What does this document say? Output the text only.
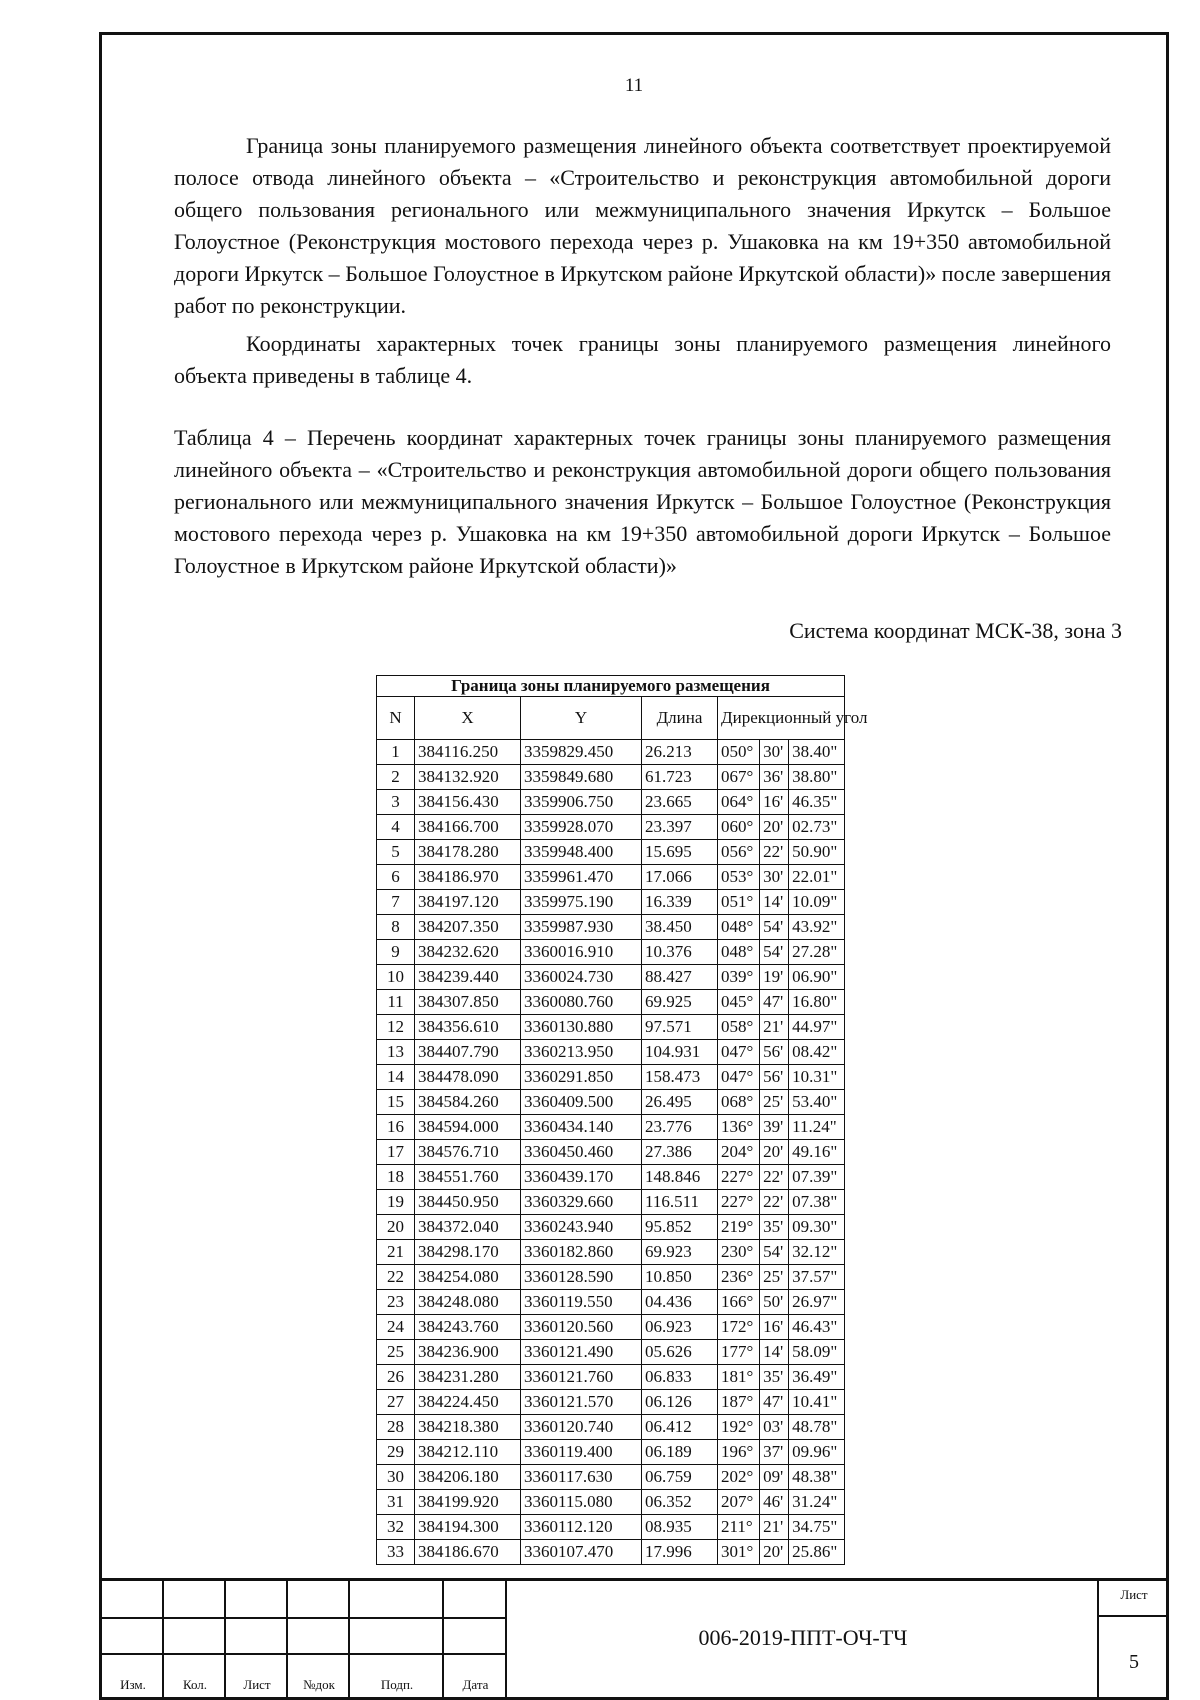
11

Граница зоны планируемого размещения линейного объекта соответствует проектируемой полосе отвода линейного объекта – «Строительство и реконструкция автомобильной дороги общего пользования регионального или межмуниципального значения Иркутск – Большое Голоустное (Реконструкция мостового перехода через р. Ушаковка на км 19+350 автомобильной дороги Иркутск – Большое Голоустное в Иркутском районе Иркутской области)» после завершения работ по реконструкции.

Координаты характерных точек границы зоны планируемого размещения линейного объекта приведены в таблице 4.

Таблица 4 – Перечень координат характерных точек границы зоны планируемого размещения линейного объекта – «Строительство и реконструкция автомобильной дороги общего пользования регионального или межмуниципального значения Иркутск – Большое Голоустное (Реконструкция мостового перехода через р. Ушаковка на км 19+350 автомобильной дороги Иркутск – Большое Голоустное в Иркутском районе Иркутской области)»

Система координат МСК-38, зона 3
Граница зоны планируемого размещения						
N	X	Y	Длина	Дирекционный угол		
1	384116.250	3359829.450	26.213	050°	30'	38.40"
2	384132.920	3359849.680	61.723	067°	36'	38.80"
3	384156.430	3359906.750	23.665	064°	16'	46.35"
4	384166.700	3359928.070	23.397	060°	20'	02.73"
5	384178.280	3359948.400	15.695	056°	22'	50.90"
6	384186.970	3359961.470	17.066	053°	30'	22.01"
7	384197.120	3359975.190	16.339	051°	14'	10.09"
8	384207.350	3359987.930	38.450	048°	54'	43.92"
9	384232.620	3360016.910	10.376	048°	54'	27.28"
10	384239.440	3360024.730	88.427	039°	19'	06.90"
11	384307.850	3360080.760	69.925	045°	47'	16.80"
12	384356.610	3360130.880	97.571	058°	21'	44.97"
13	384407.790	3360213.950	104.931	047°	56'	08.42"
14	384478.090	3360291.850	158.473	047°	56'	10.31"
15	384584.260	3360409.500	26.495	068°	25'	53.40"
16	384594.000	3360434.140	23.776	136°	39'	11.24"
17	384576.710	3360450.460	27.386	204°	20'	49.16"
18	384551.760	3360439.170	148.846	227°	22'	07.39"
19	384450.950	3360329.660	116.511	227°	22'	07.38"
20	384372.040	3360243.940	95.852	219°	35'	09.30"
21	384298.170	3360182.860	69.923	230°	54'	32.12"
22	384254.080	3360128.590	10.850	236°	25'	37.57"
23	384248.080	3360119.550	04.436	166°	50'	26.97"
24	384243.760	3360120.560	06.923	172°	16'	46.43"
25	384236.900	3360121.490	05.626	177°	14'	58.09"
26	384231.280	3360121.760	06.833	181°	35'	36.49"
27	384224.450	3360121.570	06.126	187°	47'	10.41"
28	384218.380	3360120.740	06.412	192°	03'	48.78"
29	384212.110	3360119.400	06.189	196°	37'	09.96"
30	384206.180	3360117.630	06.759	202°	09'	48.38"
31	384199.920	3360115.080	06.352	207°	46'	31.24"
32	384194.300	3360112.120	08.935	211°	21'	34.75"
33	384186.670	3360107.470	17.996	301°	20'	25.86"
Изм.	Кол.	Лист	№док	Подп.	Дата
006-2019-ППТ-ОЧ-ТЧ
Лист
5
